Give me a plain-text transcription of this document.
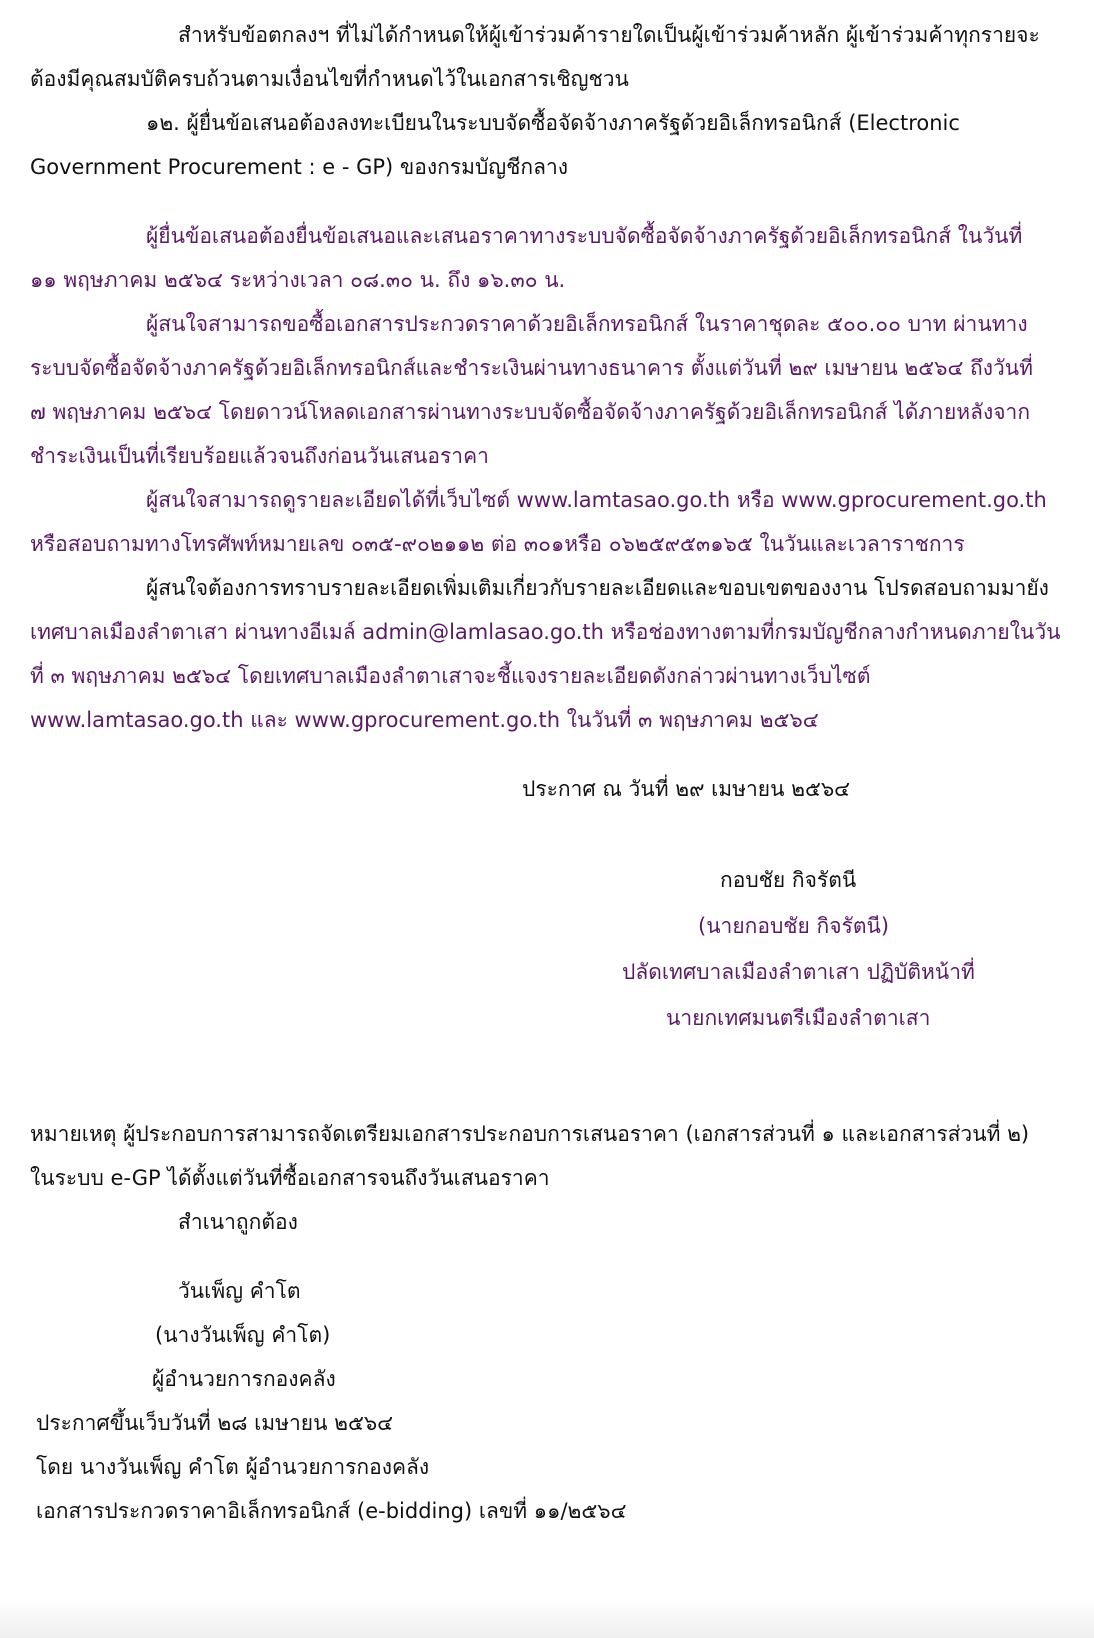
สำหรับข้อตกลงฯ ที่ไม่ได้กำหนดให้ผู้เข้าร่วมค้ารายใดเป็นผู้เข้าร่วมค้าหลัก ผู้เข้าร่วมค้าทุกรายจะ

ต้องมีคุณสมบัติครบถ้วนตามเงื่อนไขที่กำหนดไว้ในเอกสารเชิญชวน

๑๒. ผู้ยื่นข้อเสนอต้องลงทะเบียนในระบบจัดซื้อจัดจ้างภาครัฐด้วยอิเล็กทรอนิกส์ (Electronic

Government Procurement : e - GP) ของกรมบัญชีกลาง

ผู้ยื่นข้อเสนอต้องยื่นข้อเสนอและเสนอราคาทางระบบจัดซื้อจัดจ้างภาครัฐด้วยอิเล็กทรอนิกส์ ในวันที่

๑๑ พฤษภาคม ๒๕๖๔ ระหว่างเวลา ๐๘.๓๐ น. ถึง ๑๖.๓๐ น.

ผู้สนใจสามารถขอซื้อเอกสารประกวดราคาด้วยอิเล็กทรอนิกส์ ในราคาชุดละ ๕๐๐.๐๐ บาท ผ่านทาง

ระบบจัดซื้อจัดจ้างภาครัฐด้วยอิเล็กทรอนิกส์และชำระเงินผ่านทางธนาคาร ตั้งแต่วันที่ ๒๙ เมษายน ๒๕๖๔ ถึงวันที่

๗ พฤษภาคม ๒๕๖๔ โดยดาวน์โหลดเอกสารผ่านทางระบบจัดซื้อจัดจ้างภาครัฐด้วยอิเล็กทรอนิกส์ ได้ภายหลังจาก

ชำระเงินเป็นที่เรียบร้อยแล้วจนถึงก่อนวันเสนอราคา

ผู้สนใจสามารถดูรายละเอียดได้ที่เว็บไซต์ www.lamtasao.go.th หรือ www.gprocurement.go.th

หรือสอบถามทางโทรศัพท์หมายเลข ๐๓๕-๙๐๒๑๑๒ ต่อ ๓๐๑หรือ ๐๖๒๕๙๕๓๑๖๕ ในวันและเวลาราชการ

ผู้สนใจต้องการทราบรายละเอียดเพิ่มเติมเกี่ยวกับรายละเอียดและขอบเขตของงาน โปรดสอบถามมายัง

เทศบาลเมืองลำตาเสา ผ่านทางอีเมล์ admin@lamlasao.go.th หรือช่องทางตามที่กรมบัญชีกลางกำหนดภายในวัน

ที่ ๓ พฤษภาคม ๒๕๖๔ โดยเทศบาลเมืองลำตาเสาจะชี้แจงรายละเอียดดังกล่าวผ่านทางเว็บไซต์

www.lamtasao.go.th และ www.gprocurement.go.th ในวันที่ ๓ พฤษภาคม ๒๕๖๔

ประกาศ ณ วันที่ ๒๙ เมษายน ๒๕๖๔

กอบชัย กิจรัตนี

(นายกอบชัย กิจรัตนี)

ปลัดเทศบาลเมืองลำตาเสา ปฏิบัติหน้าที่

นายกเทศมนตรีเมืองลำตาเสา

หมายเหตุ ผู้ประกอบการสามารถจัดเตรียมเอกสารประกอบการเสนอราคา (เอกสารส่วนที่ ๑ และเอกสารส่วนที่ ๒)

ในระบบ e-GP ได้ตั้งแต่วันที่ซื้อเอกสารจนถึงวันเสนอราคา

สำเนาถูกต้อง

วันเพ็ญ คำโต

(นางวันเพ็ญ คำโต)

ผู้อำนวยการกองคลัง

ประกาศขึ้นเว็บวันที่ ๒๘ เมษายน ๒๕๖๔

โดย นางวันเพ็ญ คำโต ผู้อำนวยการกองคลัง

เอกสารประกวดราคาอิเล็กทรอนิกส์ (e-bidding) เลขที่ ๑๑/๒๕๖๔
